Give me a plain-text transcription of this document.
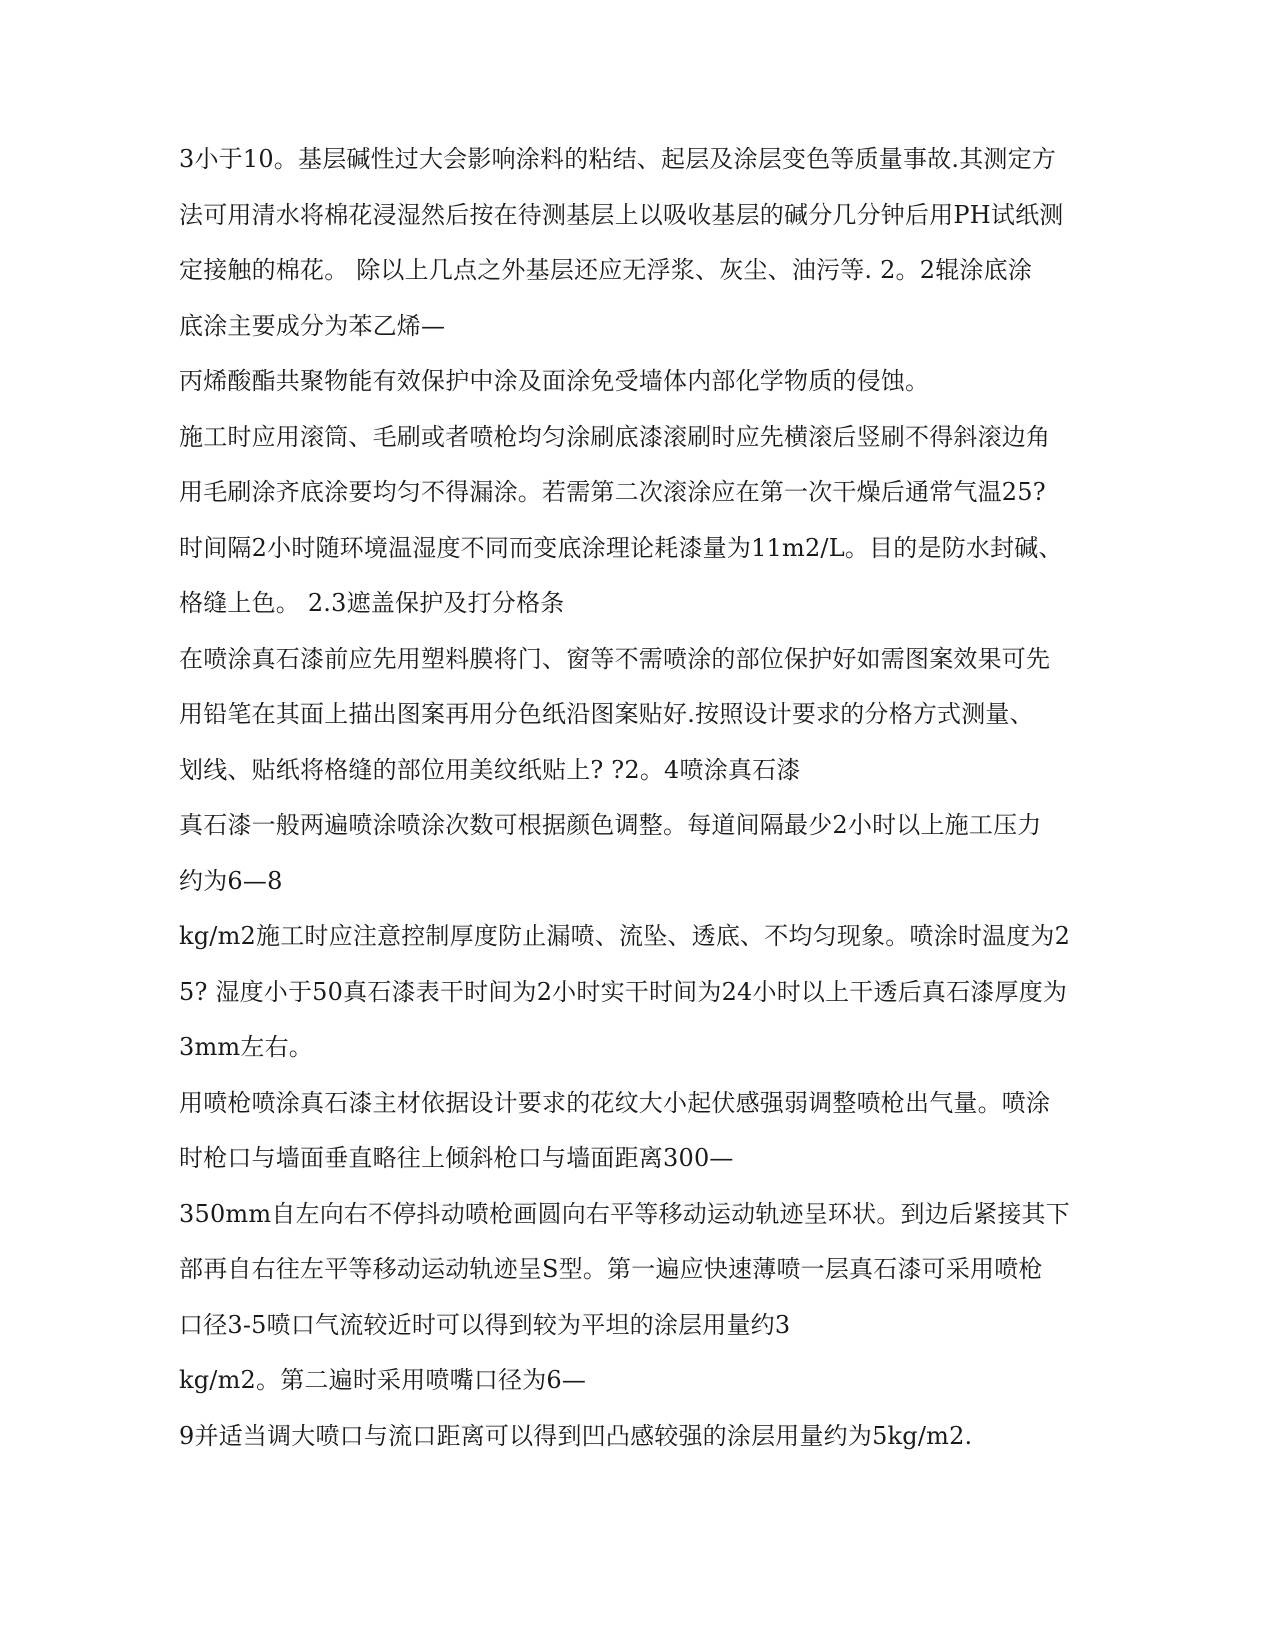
3小于10。基层碱性过大会影响涂料的粘结、起层及涂层变色等质量事故.其测定方
法可用清水将棉花浸湿然后按在待测基层上以吸收基层的碱分几分钟后用PH试纸测
定接触的棉花。 除以上几点之外基层还应无浮浆、灰尘、油污等. 2。2辊涂底涂
底涂主要成分为苯乙烯—
丙烯酸酯共聚物能有效保护中涂及面涂免受墙体内部化学物质的侵蚀。
施工时应用滚筒、毛刷或者喷枪均匀涂刷底漆滚刷时应先横滚后竖刷不得斜滚边角
用毛刷涂齐底涂要均匀不得漏涂。若需第二次滚涂应在第一次干燥后通常气温25?
时间隔2小时随环境温湿度不同而变底涂理论耗漆量为11m2/L。目的是防水封碱、
格缝上色。 2.3遮盖保护及打分格条
在喷涂真石漆前应先用塑料膜将门、窗等不需喷涂的部位保护好如需图案效果可先
用铅笔在其面上描出图案再用分色纸沿图案贴好.按照设计要求的分格方式测量、
划线、贴纸将格缝的部位用美纹纸贴上? ?2。4喷涂真石漆
真石漆一般两遍喷涂喷涂次数可根据颜色调整。每道间隔最少2小时以上施工压力
约为6—8
kg/m2施工时应注意控制厚度防止漏喷、流坠、透底、不均匀现象。喷涂时温度为2
5? 湿度小于50真石漆表干时间为2小时实干时间为24小时以上干透后真石漆厚度为
3mm左右。
用喷枪喷涂真石漆主材依据设计要求的花纹大小起伏感强弱调整喷枪出气量。喷涂
时枪口与墙面垂直略往上倾斜枪口与墙面距离300—
350mm自左向右不停抖动喷枪画圆向右平等移动运动轨迹呈环状。到边后紧接其下
部再自右往左平等移动运动轨迹呈S型。第一遍应快速薄喷一层真石漆可采用喷枪
口径3-5喷口气流较近时可以得到较为平坦的涂层用量约3
kg/m2。第二遍时采用喷嘴口径为6—
9并适当调大喷口与流口距离可以得到凹凸感较强的涂层用量约为5kg/m2.
